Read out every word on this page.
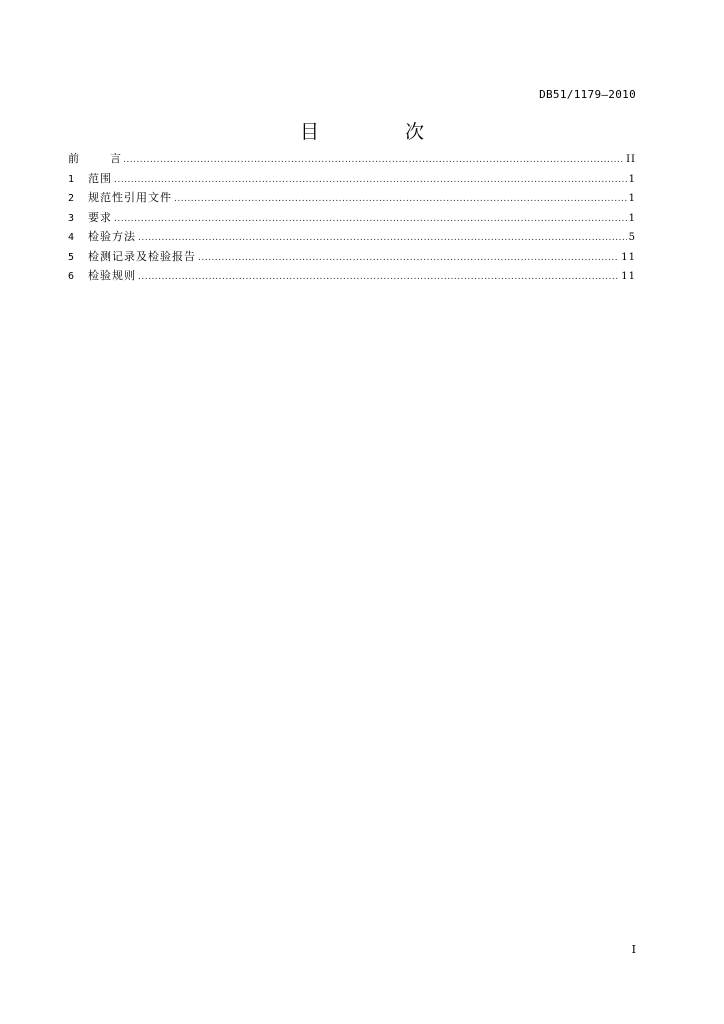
DB51/1179—2010
目 次
前	言 .....	II
1	范围 .....	1
2	规范性引用文件 .....	1
3	要求 .....	1
4	检验方法 .....	5
5	检测记录及检验报告 .....	11
6	检验规则 .....	11
I
